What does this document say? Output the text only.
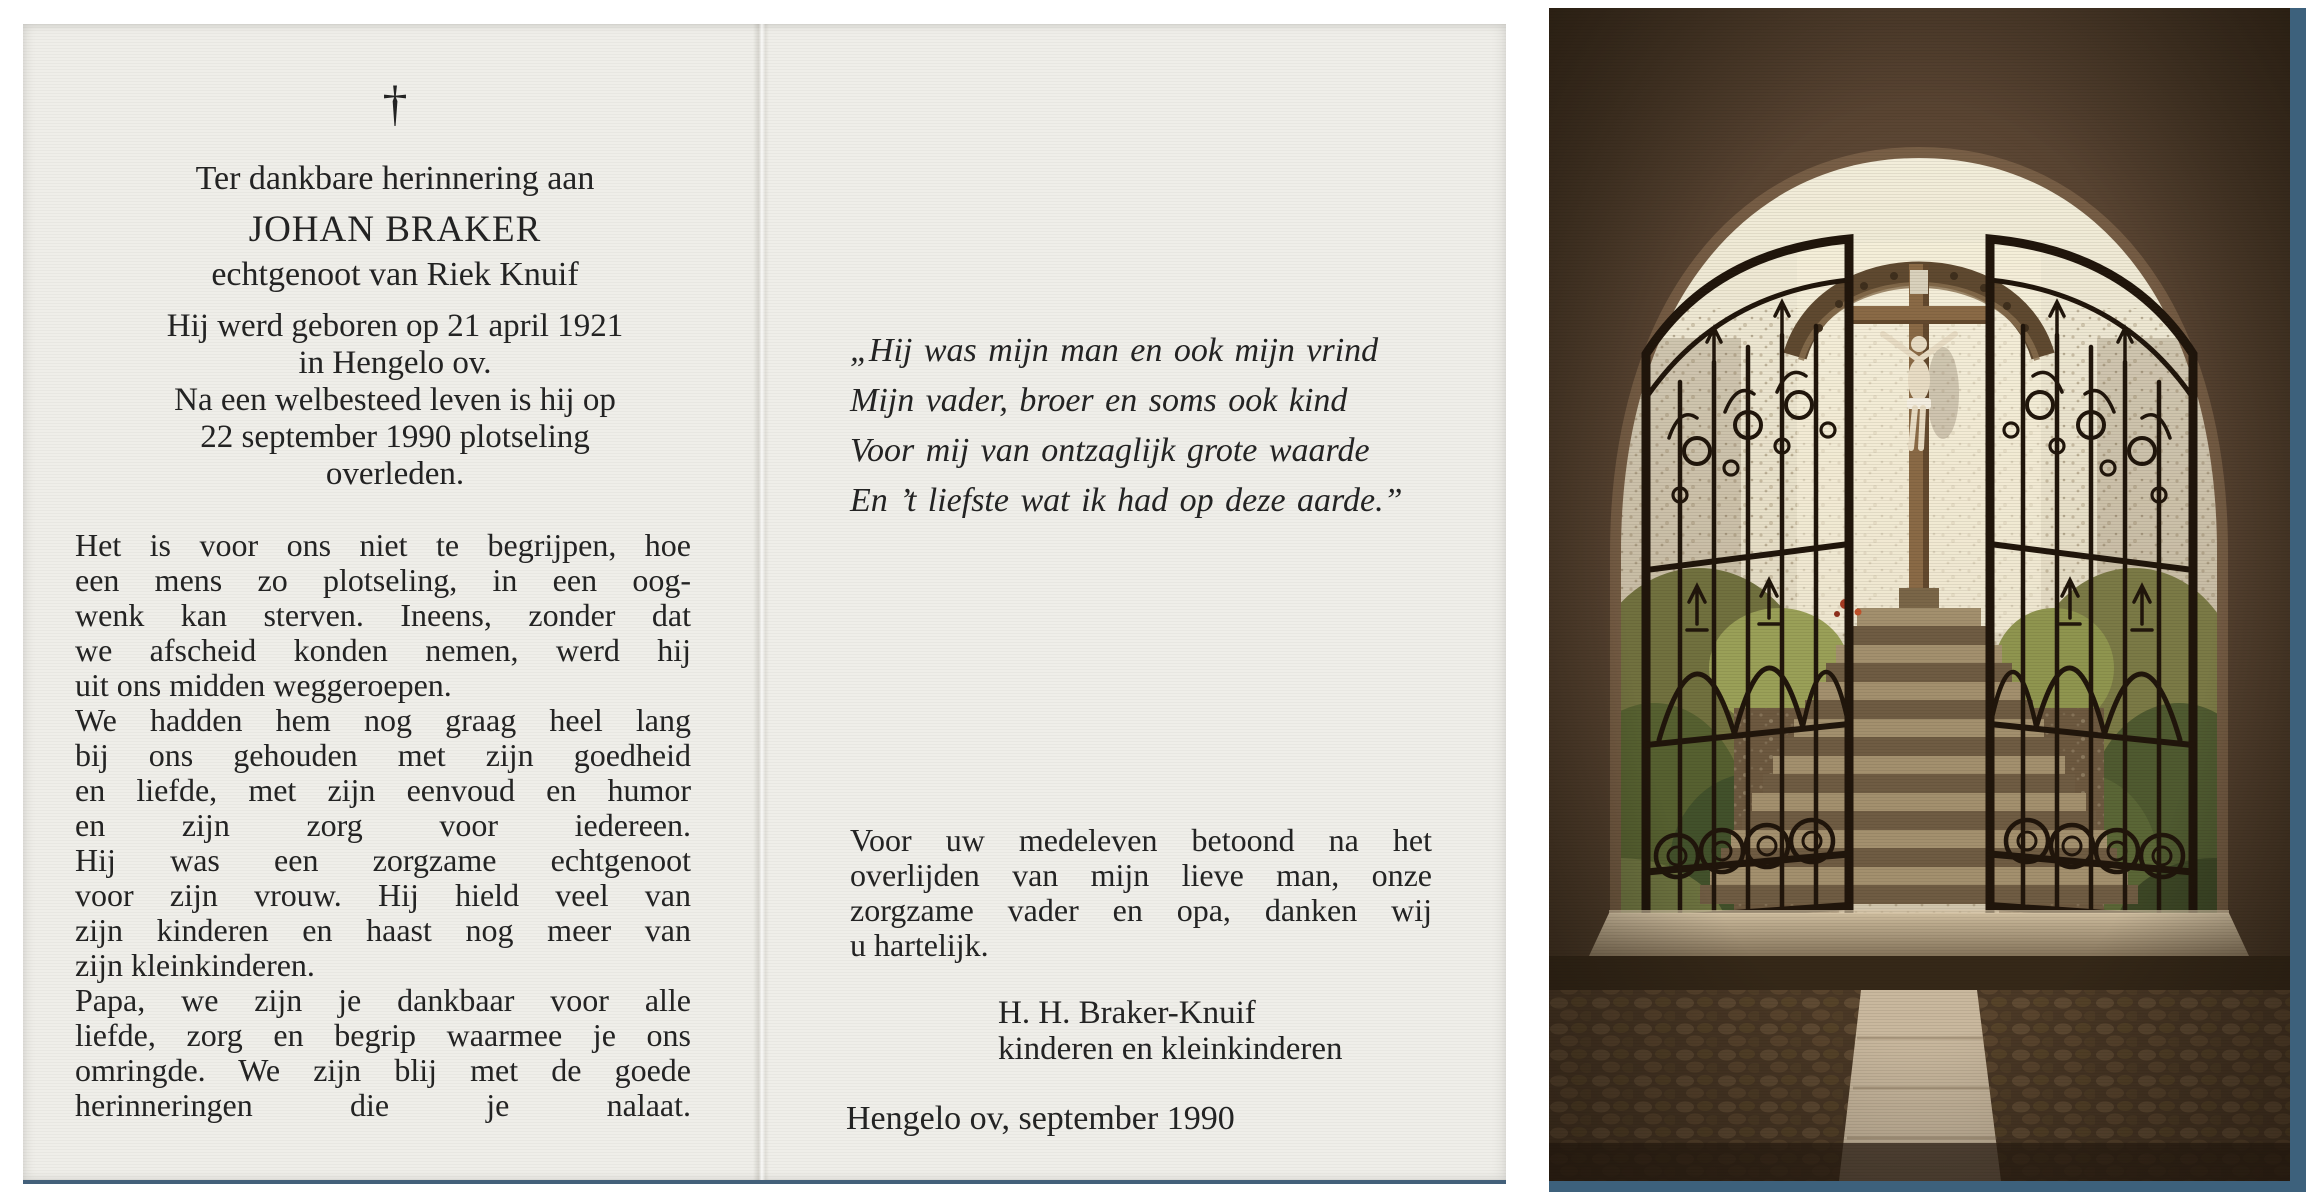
†
Ter dankbare herinnering aan
JOHAN BRAKER
echtgenoot van Riek Knuif
Hij werd geboren op 21 april 1921
in Hengelo ov.
Na een welbesteed leven is hij op
22 september 1990 plotseling
overleden.
Het is voor ons niet te begrijpen, hoe
een mens zo plotseling, in een oog-
wenk kan sterven. Ineens, zonder dat
we afscheid konden nemen, werd hij
uit ons midden weggeroepen.
We hadden hem nog graag heel lang
bij ons gehouden met zijn goedheid
en liefde, met zijn eenvoud en humor
en zijn zorg voor iedereen.
Hij was een zorgzame echtgenoot
voor zijn vrouw. Hij hield veel van
zijn kinderen en haast nog meer van
zijn kleinkinderen.
Papa, we zijn je dankbaar voor alle
liefde, zorg en begrip waarmee je ons
omringde. We zijn blij met de goede
herinneringen die je nalaat.
„Hij was mijn man en ook mijn vrind
Mijn vader, broer en soms ook kind
Voor mij van ontzaglijk grote waarde
En ’t liefste wat ik had op deze aarde.”
Voor uw medeleven betoond na het
overlijden van mijn lieve man, onze
zorgzame vader en opa, danken wij
u hartelijk.
H. H. Braker-Knuif
kinderen en kleinkinderen
Hengelo ov, september 1990
